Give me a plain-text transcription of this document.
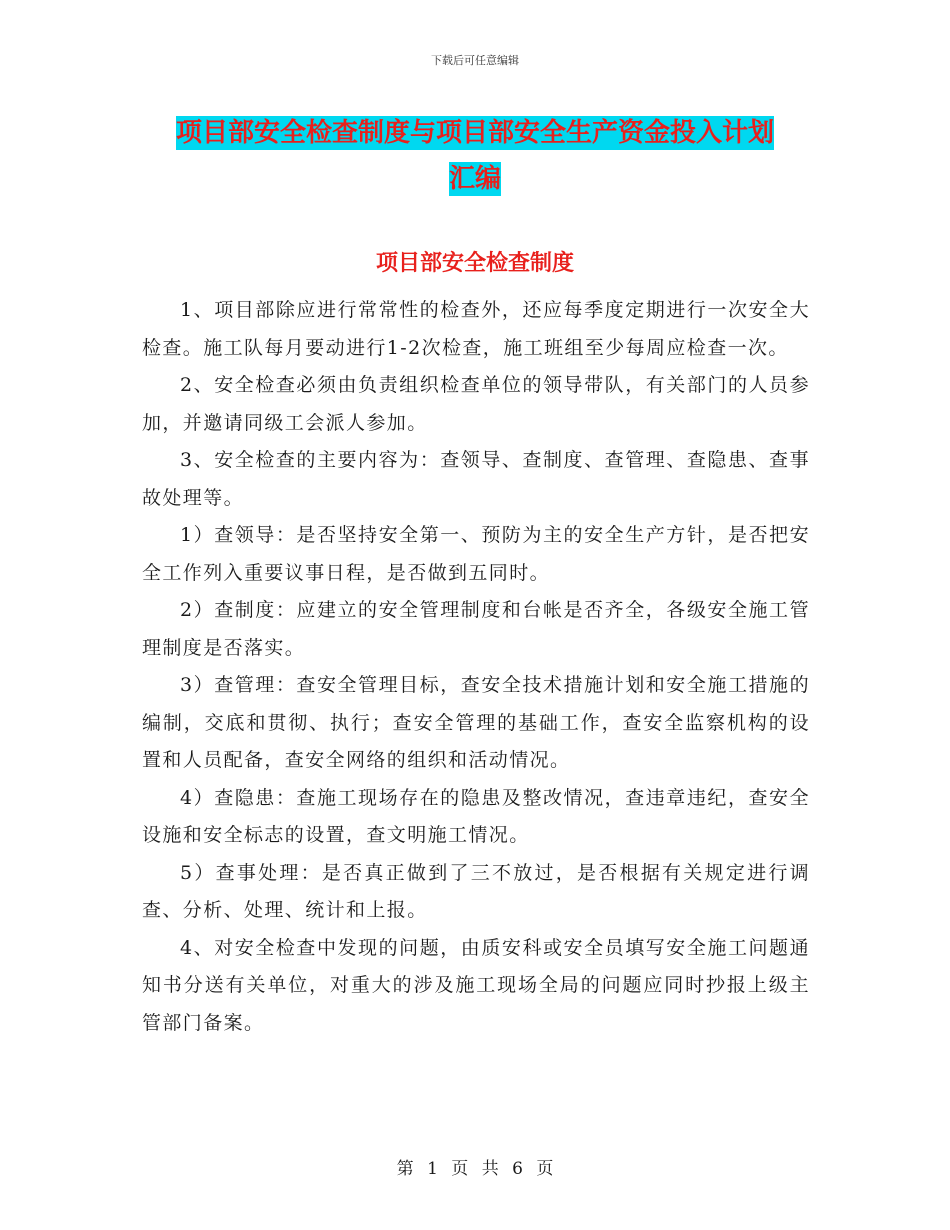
下载后可任意编辑
项目部安全检查制度与项目部安全生产资金投入计划
汇编
项目部安全检查制度

1、项目部除应进行常常性的检查外，还应每季度定期进行一次安全大检查。施工队每月要动进行1-2次检查，施工班组至少每周应检查一次。

2、安全检查必须由负责组织检查单位的领导带队，有关部门的人员参加，并邀请同级工会派人参加。

3、安全检查的主要内容为：查领导、查制度、查管理、查隐患、查事故处理等。

1）查领导：是否坚持安全第一、预防为主的安全生产方针，是否把安全工作列入重要议事日程，是否做到五同时。

2）查制度：应建立的安全管理制度和台帐是否齐全，各级安全施工管理制度是否落实。

3）查管理：查安全管理目标，查安全技术措施计划和安全施工措施的编制，交底和贯彻、执行；查安全管理的基础工作，查安全监察机构的设置和人员配备，查安全网络的组织和活动情况。

4）查隐患：查施工现场存在的隐患及整改情况，查违章违纪，查安全设施和安全标志的设置，查文明施工情况。

5）查事处理：是否真正做到了三不放过，是否根据有关规定进行调查、分析、处理、统计和上报。

4、对安全检查中发现的问题，由质安科或安全员填写安全施工问题通知书分送有关单位，对重大的涉及施工现场全局的问题应同时抄报上级主管部门备案。

第 1 页 共 6 页
